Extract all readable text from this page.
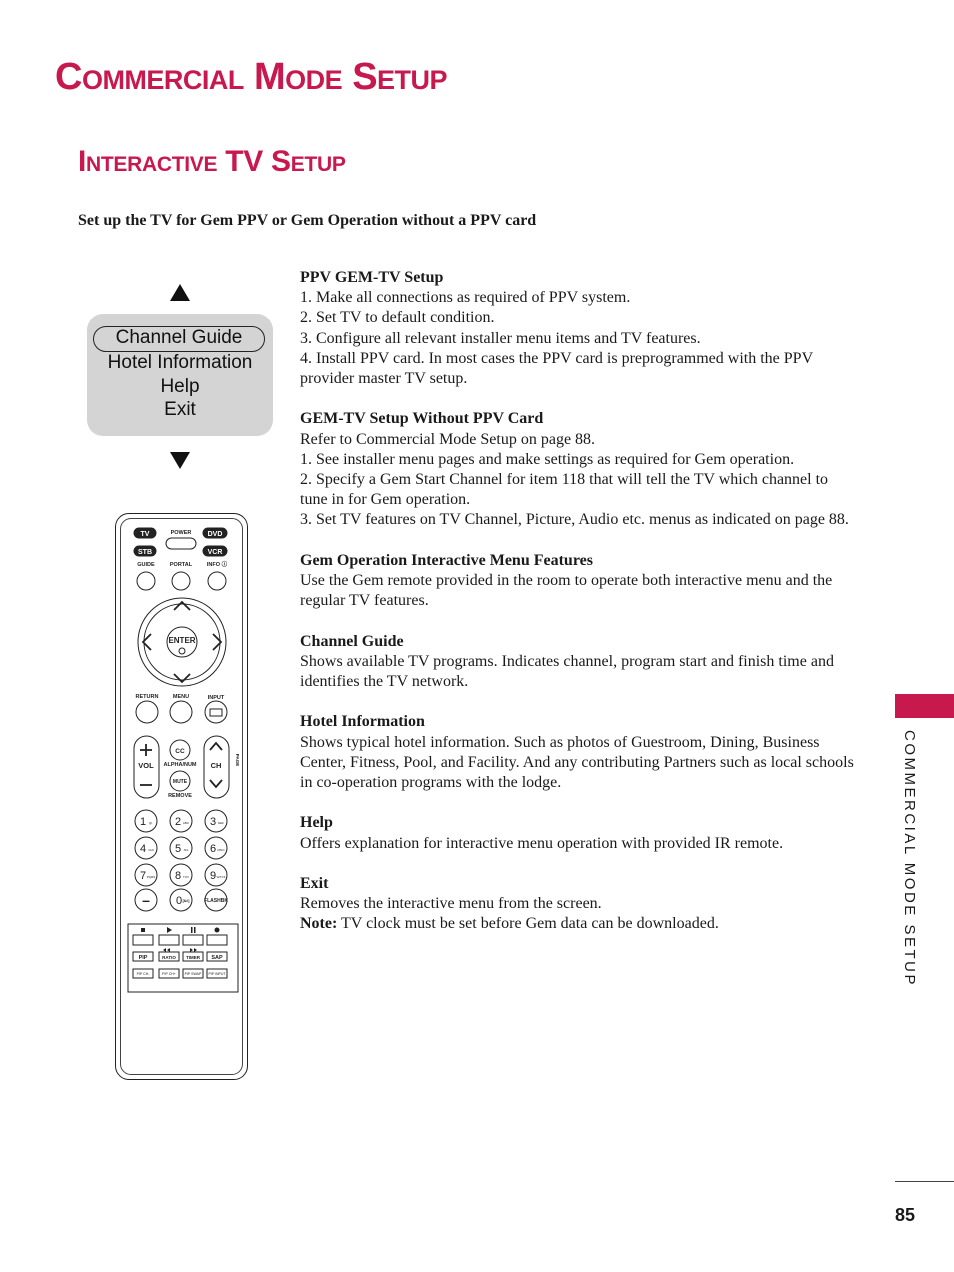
Commercial Mode Setup
Interactive TV Setup
Set up the TV for Gem PPV or Gem Operation without a PPV card
Channel Guide
Hotel Information
Help
Exit
PPV GEM-TV Setup

1. Make all connections as required of PPV system.

2. Set TV to default condition.

3. Configure all relevant installer menu items and TV features.

4. Install PPV card. In most cases the PPV card is preprogrammed with the PPV provider master TV setup.

GEM-TV Setup Without PPV Card

Refer to Commercial Mode Setup on page 88.

1. See installer menu pages and make settings as required for Gem operation.

2. Specify a Gem Start Channel for item 118 that will tell the TV which channel to tune in for Gem operation.

3. Set TV features on TV Channel, Picture, Audio etc. menus as indicated on page 88.

Gem Operation Interactive Menu Features

Use the Gem remote provided in the room to operate both interactive menu and the regular TV features.

Channel Guide

Shows available TV programs. Indicates channel, program start and finish time and identifies the TV network.

Hotel Information

Shows typical hotel information. Such as photos of Guestroom, Dining, Business Center, Fitness, Pool, and Facility. And any contributing Partners such as local schools in co-operation programs with the lodge.

Help

Offers explanation for interactive menu operation with provided IR remote.

Exit

Removes the interactive menu from the screen.

Note: TV clock must be set before Gem data can be downloaded.	COMMERCIAL MODE SETUP
85
TV	DVD
POWER
STB	VCR
GUIDE	PORTAL	INFO ⓘ
ENTER
RETURN	MENU	INPUT
CC
VOL	CH
ALPHA/NUM
MUTE
REMOVE
PAGE
1 @. 2 ABC 3 DEF
4 GHI 5 JKL 6 MNO
7 PQRS 8 TUV 9 WXYZ
– 0 [&#]	FLASHBK
PIP	RATIO TIMER SAP
PIP CH-	PIP CH+	PIP SWAP PIP INPUT
